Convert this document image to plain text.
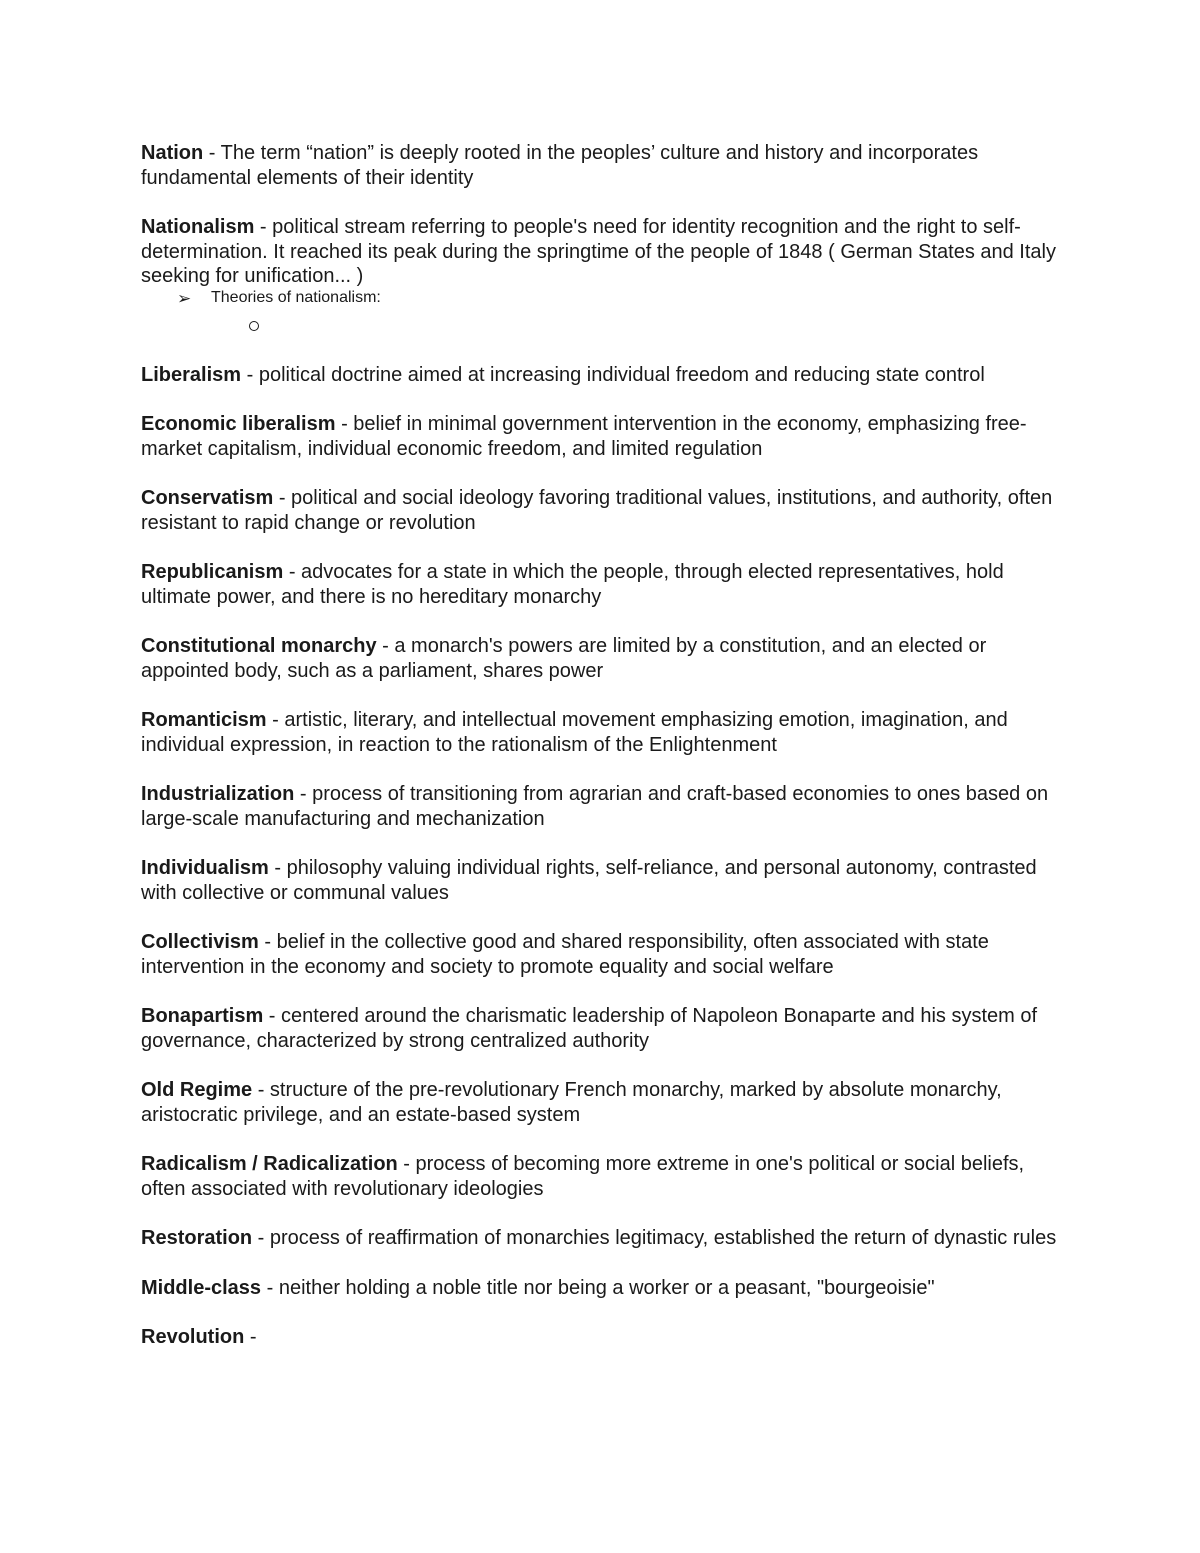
Nation - The term “nation” is deeply rooted in the peoples’ culture and history and incorporates fundamental elements of their identity

Nationalism - political stream referring to people's need for identity recognition and the right to self-determination. It reached its peak during the springtime of the people of 1848 ( German States and Italy seeking for unification... )

➢ Theories of nationalism:

Liberalism - political doctrine aimed at increasing individual freedom and reducing state control

Economic liberalism - belief in minimal government intervention in the economy, emphasizing free-market capitalism, individual economic freedom, and limited regulation

Conservatism - political and social ideology favoring traditional values, institutions, and authority, often resistant to rapid change or revolution

Republicanism - advocates for a state in which the people, through elected representatives, hold ultimate power, and there is no hereditary monarchy

Constitutional monarchy - a monarch's powers are limited by a constitution, and an elected or appointed body, such as a parliament, shares power

Romanticism - artistic, literary, and intellectual movement emphasizing emotion, imagination, and individual expression, in reaction to the rationalism of the Enlightenment

Industrialization - process of transitioning from agrarian and craft-based economies to ones based on large-scale manufacturing and mechanization

Individualism - philosophy valuing individual rights, self-reliance, and personal autonomy, contrasted with collective or communal values

Collectivism - belief in the collective good and shared responsibility, often associated with state intervention in the economy and society to promote equality and social welfare

Bonapartism - centered around the charismatic leadership of Napoleon Bonaparte and his system of governance, characterized by strong centralized authority

Old Regime - structure of the pre-revolutionary French monarchy, marked by absolute monarchy, aristocratic privilege, and an estate-based system

Radicalism / Radicalization - process of becoming more extreme in one's political or social beliefs, often associated with revolutionary ideologies

Restoration - process of reaffirmation of monarchies legitimacy, established the return of dynastic rules

Middle-class - neither holding a noble title nor being a worker or a peasant, "bourgeoisie"

Revolution -
